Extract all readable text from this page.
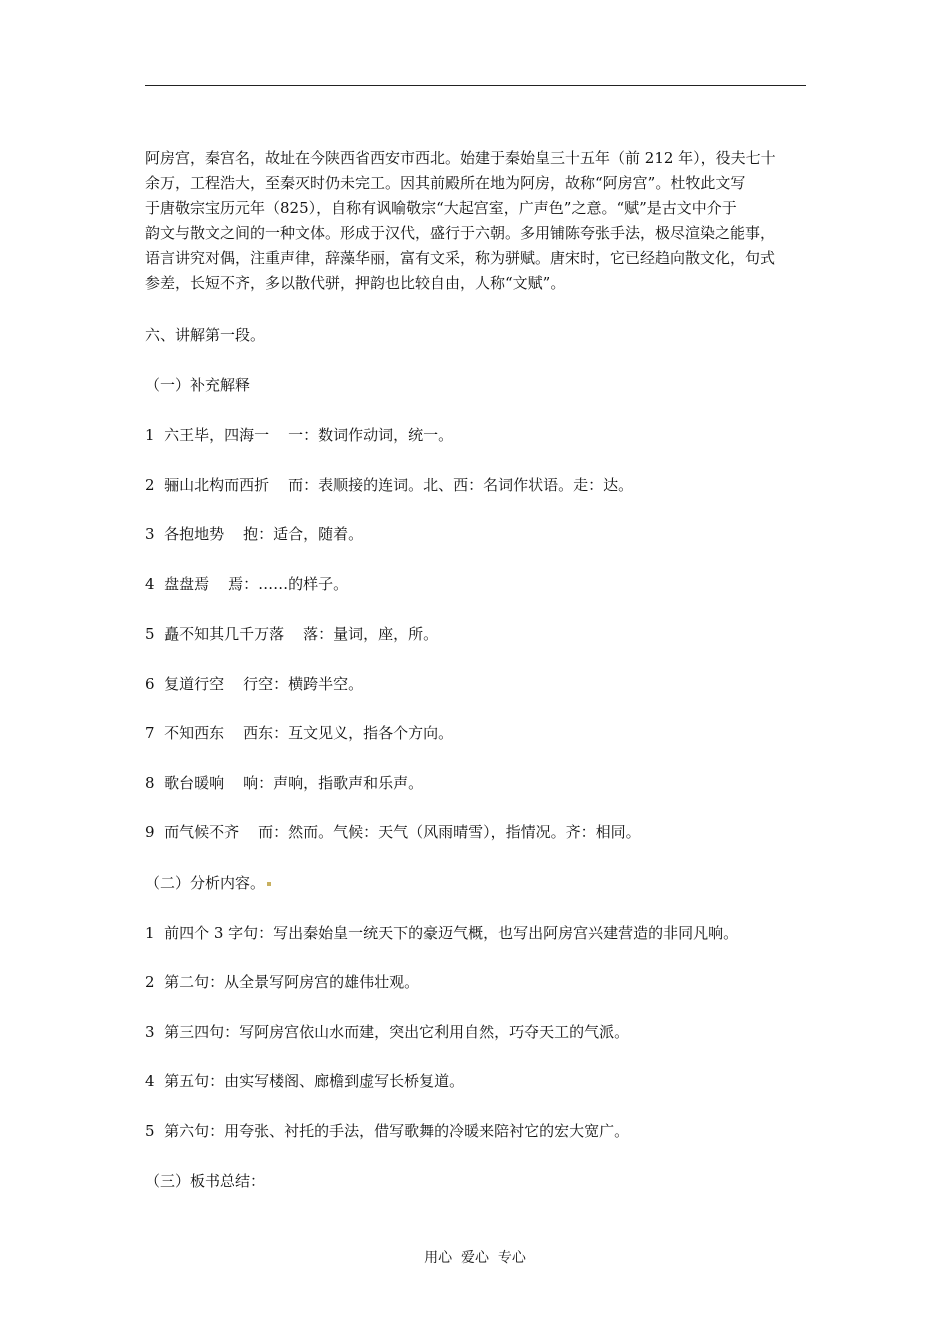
阿房宫，秦宫名，故址在今陕西省西安市西北。始建于秦始皇三十五年（前 212 年），役夫七十

余万，工程浩大，至秦灭时仍未完工。因其前殿所在地为阿房，故称“阿房宫”。杜牧此文写

于唐敬宗宝历元年（825），自称有讽喻敬宗“大起宫室，广声色”之意。“赋”是古文中介于

韵文与散文之间的一种文体。形成于汉代，盛行于六朝。多用铺陈夸张手法，极尽渲染之能事，

语言讲究对偶，注重声律，辞藻华丽，富有文采，称为骈赋。唐宋时，它已经趋向散文化，句式

参差，长短不齐，多以散代骈，押韵也比较自由，人称“文赋”。

六、讲解第一段。
（一）补充解释
1  六王毕，四海一    一：数词作动词，统一。
2  骊山北构而西折    而：表顺接的连词。北、西：名词作状语。走：达。
3  各抱地势    抱：适合，随着。
4  盘盘焉    焉：……的样子。
5  矗不知其几千万落    落：量词，座，所。
6  复道行空    行空：横跨半空。
7  不知西东    西东：互文见义，指各个方向。
8  歌台暖响    响：声响，指歌声和乐声。
9  而气候不齐    而：然而。气候：天气（风雨晴雪），指情况。齐：相同。
（二）分析内容。
1  前四个 3 字句：写出秦始皇一统天下的豪迈气概，也写出阿房宫兴建营造的非同凡响。
2  第二句：从全景写阿房宫的雄伟壮观。
3  第三四句：写阿房宫依山水而建，突出它利用自然，巧夺天工的气派。
4  第五句：由实写楼阁、廊檐到虚写长桥复道。
5  第六句：用夸张、衬托的手法，借写歌舞的冷暖来陪衬它的宏大宽广。
（三）板书总结：
用心  爱心  专心
